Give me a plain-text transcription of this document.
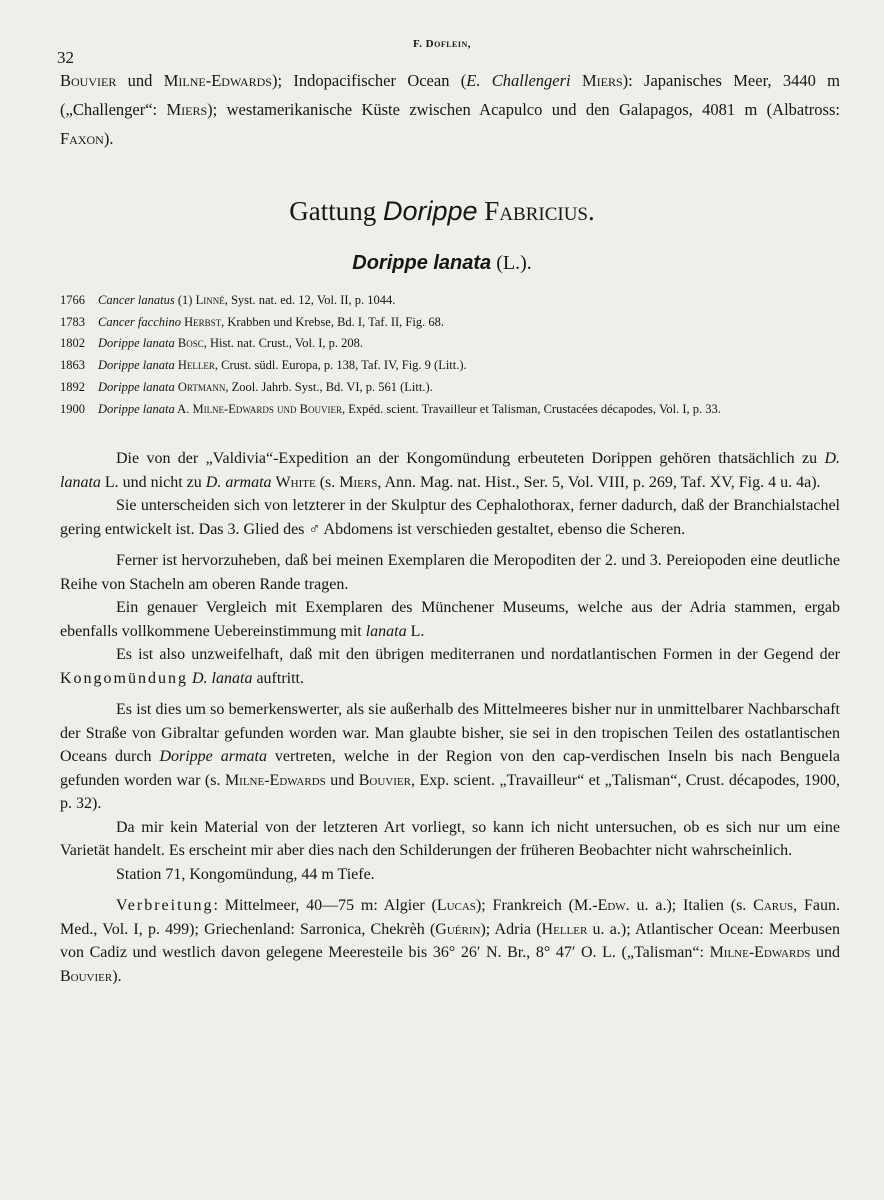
32
F. Doflein,
Bouvier und Milne-Edwards); Indopacifischer Ocean (E. Challengeri Miers): Japanisches Meer, 3440 m („Challenger“: Miers); westamerikanische Küste zwischen Acapulco und den Galapagos, 4081 m (Albatross: Faxon).
Gattung Dorippe Fabricius.
Dorippe lanata (L.).
1766	Cancer lanatus (1) Linné, Syst. nat. ed. 12, Vol. II, p. 1044.
1783	Cancer facchino Herbst, Krabben und Krebse, Bd. I, Taf. II, Fig. 68.
1802	Dorippe lanata Bosc, Hist. nat. Crust., Vol. I, p. 208.
1863	Dorippe lanata Heller, Crust. südl. Europa, p. 138, Taf. IV, Fig. 9 (Litt.).
1892	Dorippe lanata Ortmann, Zool. Jahrb. Syst., Bd. VI, p. 561 (Litt.).
1900	Dorippe lanata A. Milne-Edwards und Bouvier, Expéd. scient. Travailleur et Talisman, Crustacées décapodes, Vol. I, p. 33.

Die von der „Valdivia“-Expedition an der Kongomündung erbeuteten Dorippen gehören thatsächlich zu D. lanata L. und nicht zu D. armata White (s. Miers, Ann. Mag. nat. Hist., Ser. 5, Vol. VIII, p. 269, Taf. XV, Fig. 4 u. 4a).

Sie unterscheiden sich von letzterer in der Skulptur des Cephalothorax, ferner dadurch, daß der Branchialstachel gering entwickelt ist. Das 3. Glied des ♂ Abdomens ist verschieden gestaltet, ebenso die Scheren.

Ferner ist hervorzuheben, daß bei meinen Exemplaren die Meropoditen der 2. und 3. Pereiopoden eine deutliche Reihe von Stacheln am oberen Rande tragen.

Ein genauer Vergleich mit Exemplaren des Münchener Museums, welche aus der Adria stammen, ergab ebenfalls vollkommene Uebereinstimmung mit lanata L.

Es ist also unzweifelhaft, daß mit den übrigen mediterranen und nordatlantischen Formen in der Gegend der Kongomündung D. lanata auftritt.

Es ist dies um so bemerkenswerter, als sie außerhalb des Mittelmeeres bisher nur in unmittelbarer Nachbarschaft der Straße von Gibraltar gefunden worden war. Man glaubte bisher, sie sei in den tropischen Teilen des ostatlantischen Oceans durch Dorippe armata vertreten, welche in der Region von den cap-verdischen Inseln bis nach Benguela gefunden worden war (s. Milne-Edwards und Bouvier, Exp. scient. „Travailleur“ et „Talisman“, Crust. décapodes, 1900, p. 32).

Da mir kein Material von der letzteren Art vorliegt, so kann ich nicht untersuchen, ob es sich nur um eine Varietät handelt. Es erscheint mir aber dies nach den Schilderungen der früheren Beobachter nicht wahrscheinlich.

Station 71, Kongomündung, 44 m Tiefe.

Verbreitung: Mittelmeer, 40—75 m: Algier (Lucas); Frankreich (M.-Edw. u. a.); Italien (s. Carus, Faun. Med., Vol. I, p. 499); Griechenland: Sarronica, Chekrèh (Guérin); Adria (Heller u. a.); Atlantischer Ocean: Meerbusen von Cadiz und westlich davon gelegene Meeresteile bis 36° 26′ N. Br., 8° 47′ O. L. („Talisman“: Milne-Edwards und Bouvier).
